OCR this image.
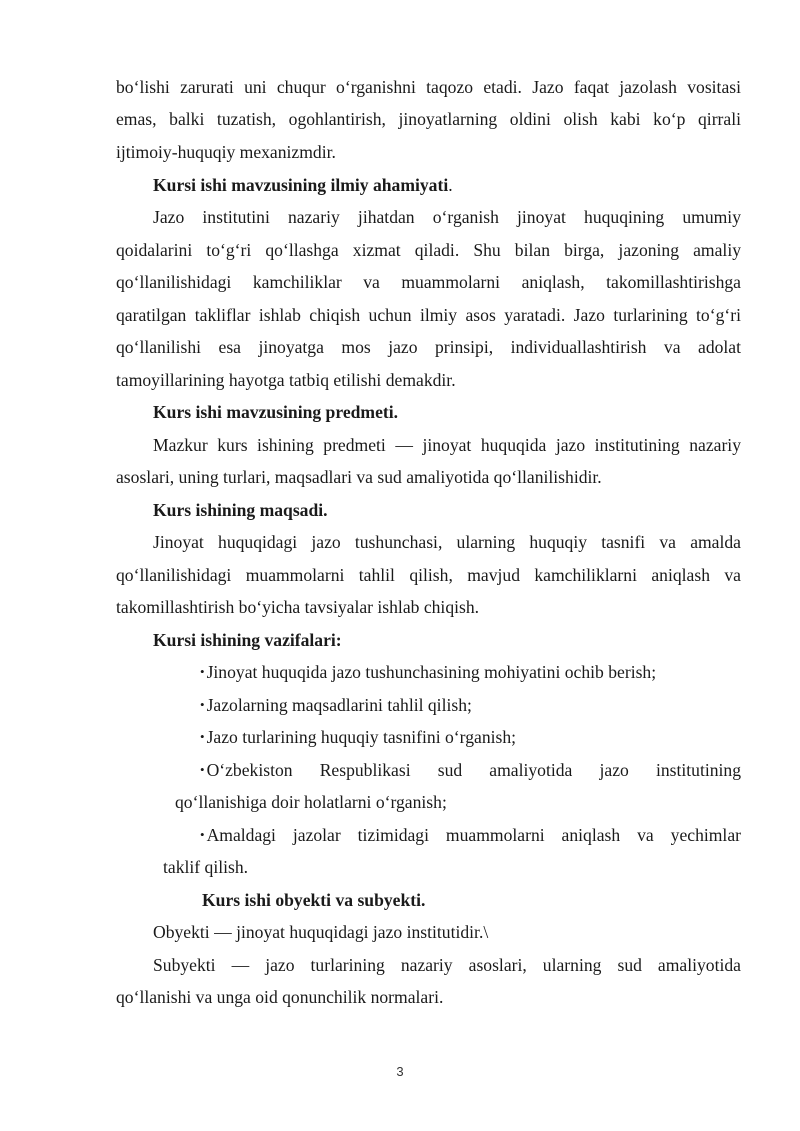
bo‘lishi zarurati uni chuqur o‘rganishni taqozo etadi. Jazo faqat jazolash vositasi
emas, balki tuzatish, ogohlantirish, jinoyatlarning oldini olish kabi ko‘p qirrali
ijtimoiy-huquqiy mexanizmdir.
Kursi ishi mavzusining ilmiy ahamiyati.
Jazo institutini nazariy jihatdan o‘rganish jinoyat huquqining umumiy
qoidalarini to‘g‘ri qo‘llashga xizmat qiladi. Shu bilan birga, jazoning amaliy
qo‘llanilishidagi kamchiliklar va muammolarni aniqlash, takomillashtirishga
qaratilgan takliflar ishlab chiqish uchun ilmiy asos yaratadi. Jazo turlarining to‘g‘ri
qo‘llanilishi esa jinoyatga mos jazo prinsipi, individuallashtirish va adolat
tamoyillarining hayotga tatbiq etilishi demakdir.
Kurs ishi mavzusining predmeti.
Mazkur kurs ishining predmeti — jinoyat huquqida jazo institutining nazariy
asoslari, uning turlari, maqsadlari va sud amaliyotida qo‘llanilishidir.
Kurs ishining maqsadi.
Jinoyat huquqidagi jazo tushunchasi, ularning huquqiy tasnifi va amalda
qo‘llanilishidagi muammolarni tahlil qilish, mavjud kamchiliklarni aniqlash va
takomillashtirish bo‘yicha tavsiyalar ishlab chiqish.
Kursi ishining vazifalari:
• Jinoyat huquqida jazo tushunchasining mohiyatini ochib berish;
• Jazolarning maqsadlarini tahlil qilish;
• Jazo turlarining huquqiy tasnifini o‘rganish;
• O‘zbekiston Respublikasi sud amaliyotida jazo institutining
qo‘llanishiga doir holatlarni o‘rganish;
• Amaldagi jazolar tizimidagi muammolarni aniqlash va yechimlar
taklif qilish.
Kurs ishi obyekti va subyekti.
Obyekti — jinoyat huquqidagi jazo institutidir.\
Subyekti — jazo turlarining nazariy asoslari, ularning sud amaliyotida
qo‘llanishi va unga oid qonunchilik normalari.
3
